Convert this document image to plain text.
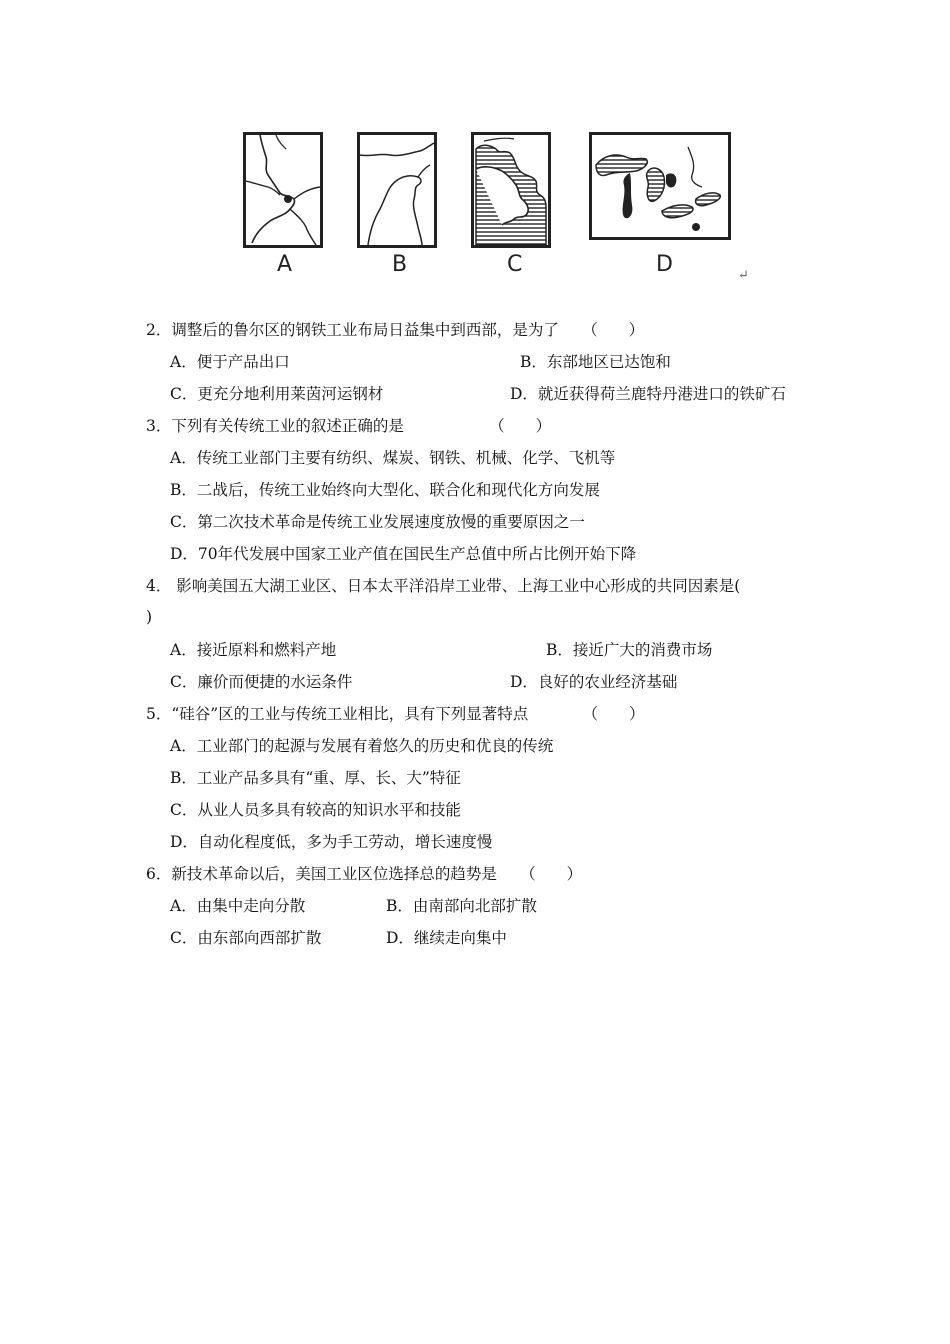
A	B	C	D	↵
2．调整后的鲁尔区的钢铁工业布局日益集中到西部，是为了　　（　　）
A．便于产品出口	B．东部地区已达饱和
C．更充分地利用莱茵河运钢材	D．就近获得荷兰鹿特丹港进口的铁矿石
3．下列有关传统工业的叙述正确的是　　　　　　（　　）
A．传统工业部门主要有纺织、煤炭、钢铁、机械、化学、飞机等
B．二战后，传统工业始终向大型化、联合化和现代化方向发展
C．第二次技术革命是传统工业发展速度放慢的重要原因之一
D．70年代发展中国家工业产值在国民生产总值中所占比例开始下降
4． 影响美国五大湖工业区、日本太平洋沿岸工业带、上海工业中心形成的共同因素是(
)
A．接近原料和燃料产地	B．接近广大的消费市场
C．廉价而便捷的水运条件	D．良好的农业经济基础
5．“硅谷”区的工业与传统工业相比，具有下列显著特点　　　　（　　）
A．工业部门的起源与发展有着悠久的历史和优良的传统
B．工业产品多具有“重、厚、长、大”特征
C．从业人员多具有较高的知识水平和技能
D．自动化程度低，多为手工劳动，增长速度慢
6．新技术革命以后，美国工业区位选择总的趋势是　　（　　）
A．由集中走向分散	B．由南部向北部扩散
C．由东部向西部扩散	D．继续走向集中
